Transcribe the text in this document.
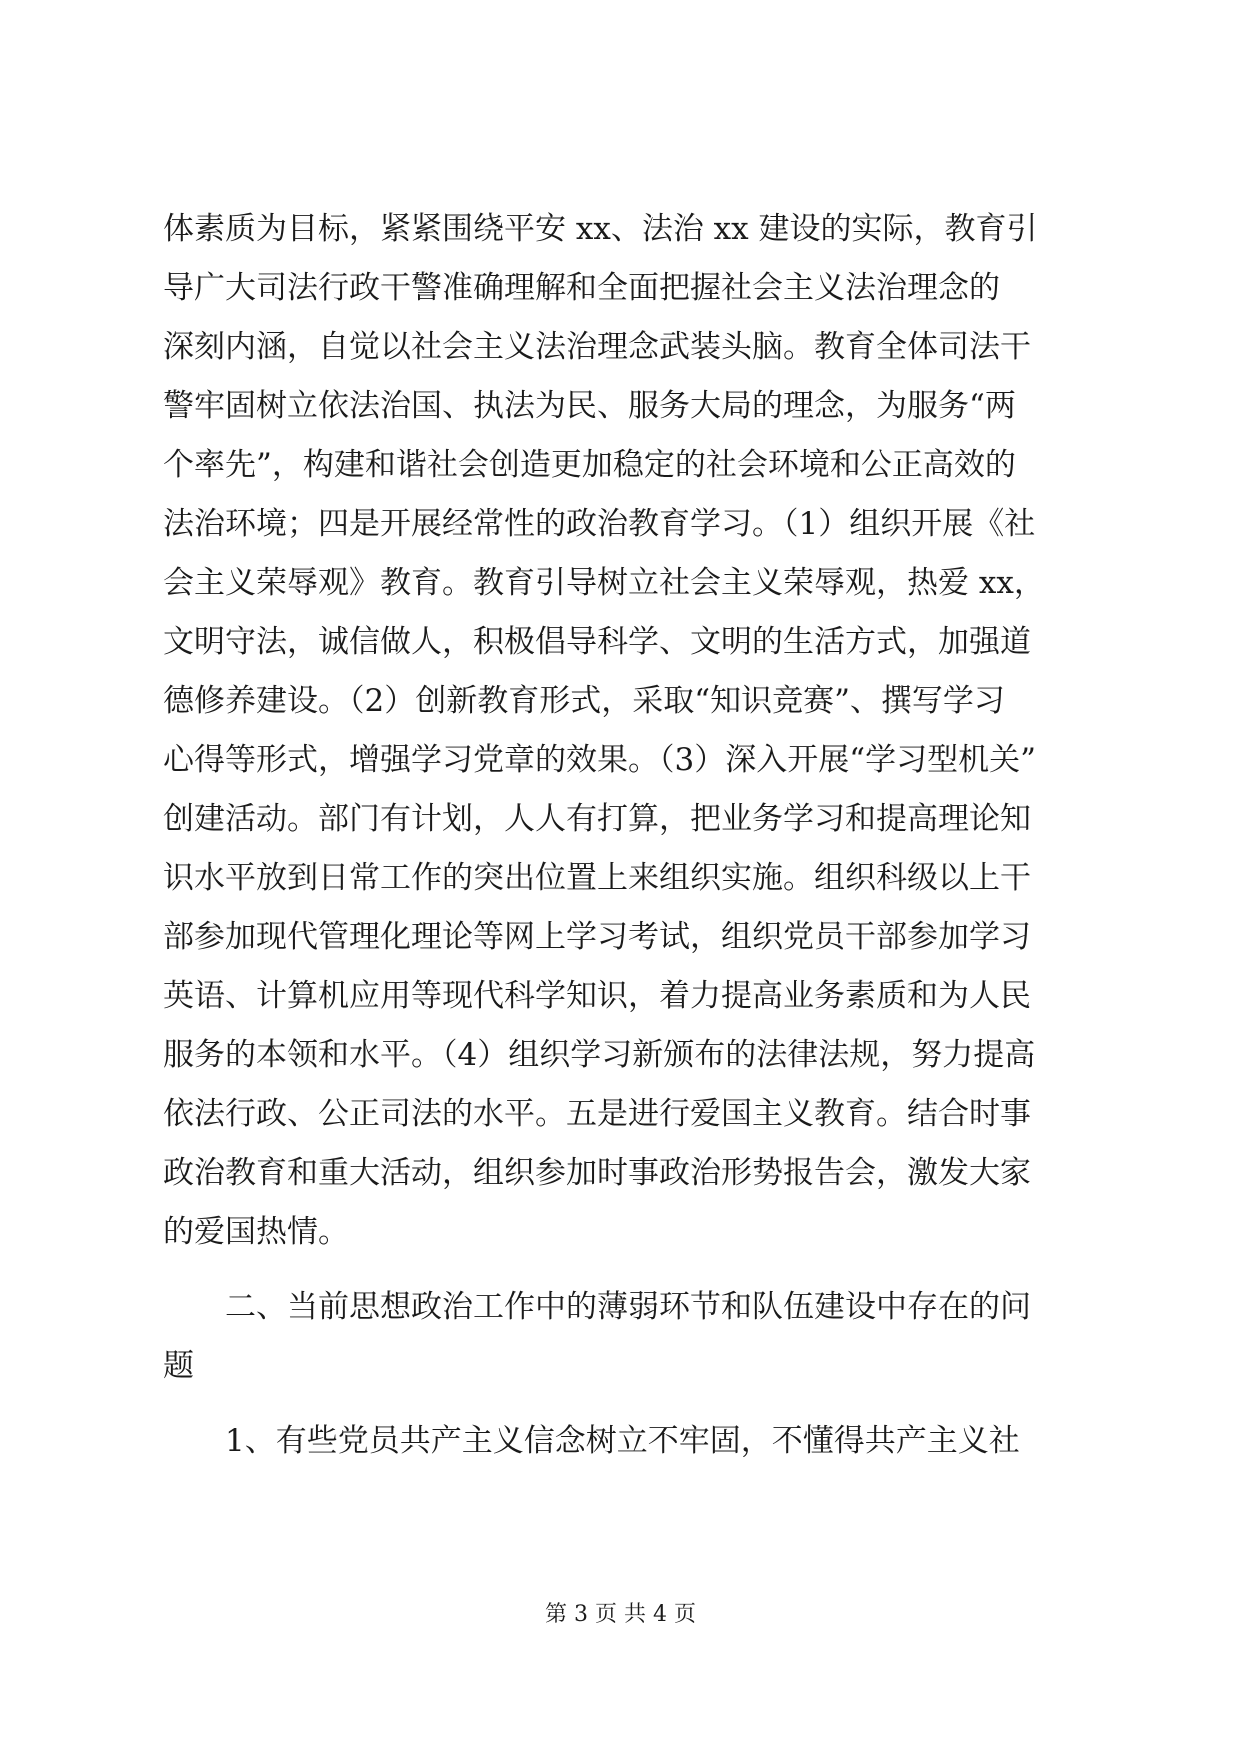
体素质为目标，紧紧围绕平安 xx、法治 xx 建设的实际，教育引
导广大司法行政干警准确理解和全面把握社会主义法治理念的
深刻内涵，自觉以社会主义法治理念武装头脑。教育全体司法干
警牢固树立依法治国、执法为民、服务大局的理念，为服务“两
个率先”，构建和谐社会创造更加稳定的社会环境和公正高效的
法治环境；四是开展经常性的政治教育学习。（1）组织开展《社
会主义荣辱观》教育。教育引导树立社会主义荣辱观，热爱 xx，
文明守法，诚信做人，积极倡导科学、文明的生活方式，加强道
德修养建设。（2）创新教育形式，采取“知识竞赛”、撰写学习
心得等形式，增强学习党章的效果。（3）深入开展“学习型机关”
创建活动。部门有计划，人人有打算，把业务学习和提高理论知
识水平放到日常工作的突出位置上来组织实施。组织科级以上干
部参加现代管理化理论等网上学习考试，组织党员干部参加学习
英语、计算机应用等现代科学知识，着力提高业务素质和为人民
服务的本领和水平。（4）组织学习新颁布的法律法规，努力提高
依法行政、公正司法的水平。五是进行爱国主义教育。结合时事
政治教育和重大活动，组织参加时事政治形势报告会，激发大家
的爱国热情。
二、当前思想政治工作中的薄弱环节和队伍建设中存在的问
题
1、有些党员共产主义信念树立不牢固，不懂得共产主义社
第 3 页 共 4 页
